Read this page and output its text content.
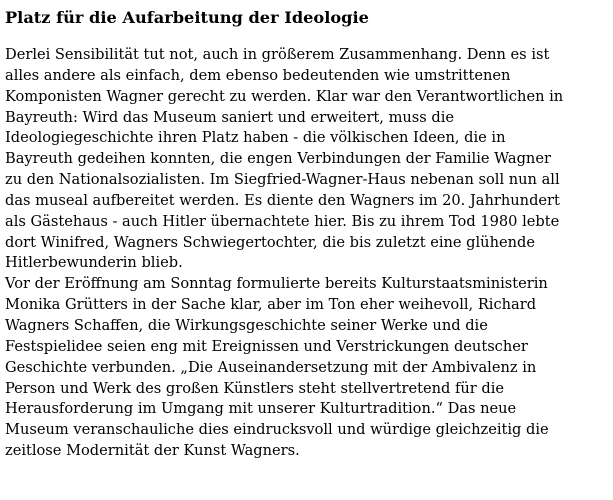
Platz für die Aufarbeitung der Ideologie
Derlei Sensibilität tut not, auch in größerem Zusammenhang. Denn es ist
alles andere als einfach, dem ebenso bedeutenden wie umstrittenen
Komponisten Wagner gerecht zu werden. Klar war den Verantwortlichen in
Bayreuth: Wird das Museum saniert und erweitert, muss die
Ideologiegeschichte ihren Platz haben - die völkischen Ideen, die in
Bayreuth gedeihen konnten, die engen Verbindungen der Familie Wagner
zu den Nationalsozialisten. Im Siegfried-Wagner-Haus nebenan soll nun all
das museal aufbereitet werden. Es diente den Wagners im 20. Jahrhundert
als Gästehaus - auch Hitler übernachtete hier. Bis zu ihrem Tod 1980 lebte
dort Winifred, Wagners Schwiegertochter, die bis zuletzt eine glühende
Hitlerbewunderin blieb.
Vor der Eröffnung am Sonntag formulierte bereits Kulturstaatsministerin
Monika Grütters in der Sache klar, aber im Ton eher weihevoll, Richard
Wagners Schaffen, die Wirkungsgeschichte seiner Werke und die
Festspielidee seien eng mit Ereignissen und Verstrickungen deutscher
Geschichte verbunden. „Die Auseinandersetzung mit der Ambivalenz in
Person und Werk des großen Künstlers steht stellvertretend für die
Herausforderung im Umgang mit unserer Kulturtradition.“ Das neue
Museum veranschauliche dies eindrucksvoll und würdige gleichzeitig die
zeitlose Modernität der Kunst Wagners.
